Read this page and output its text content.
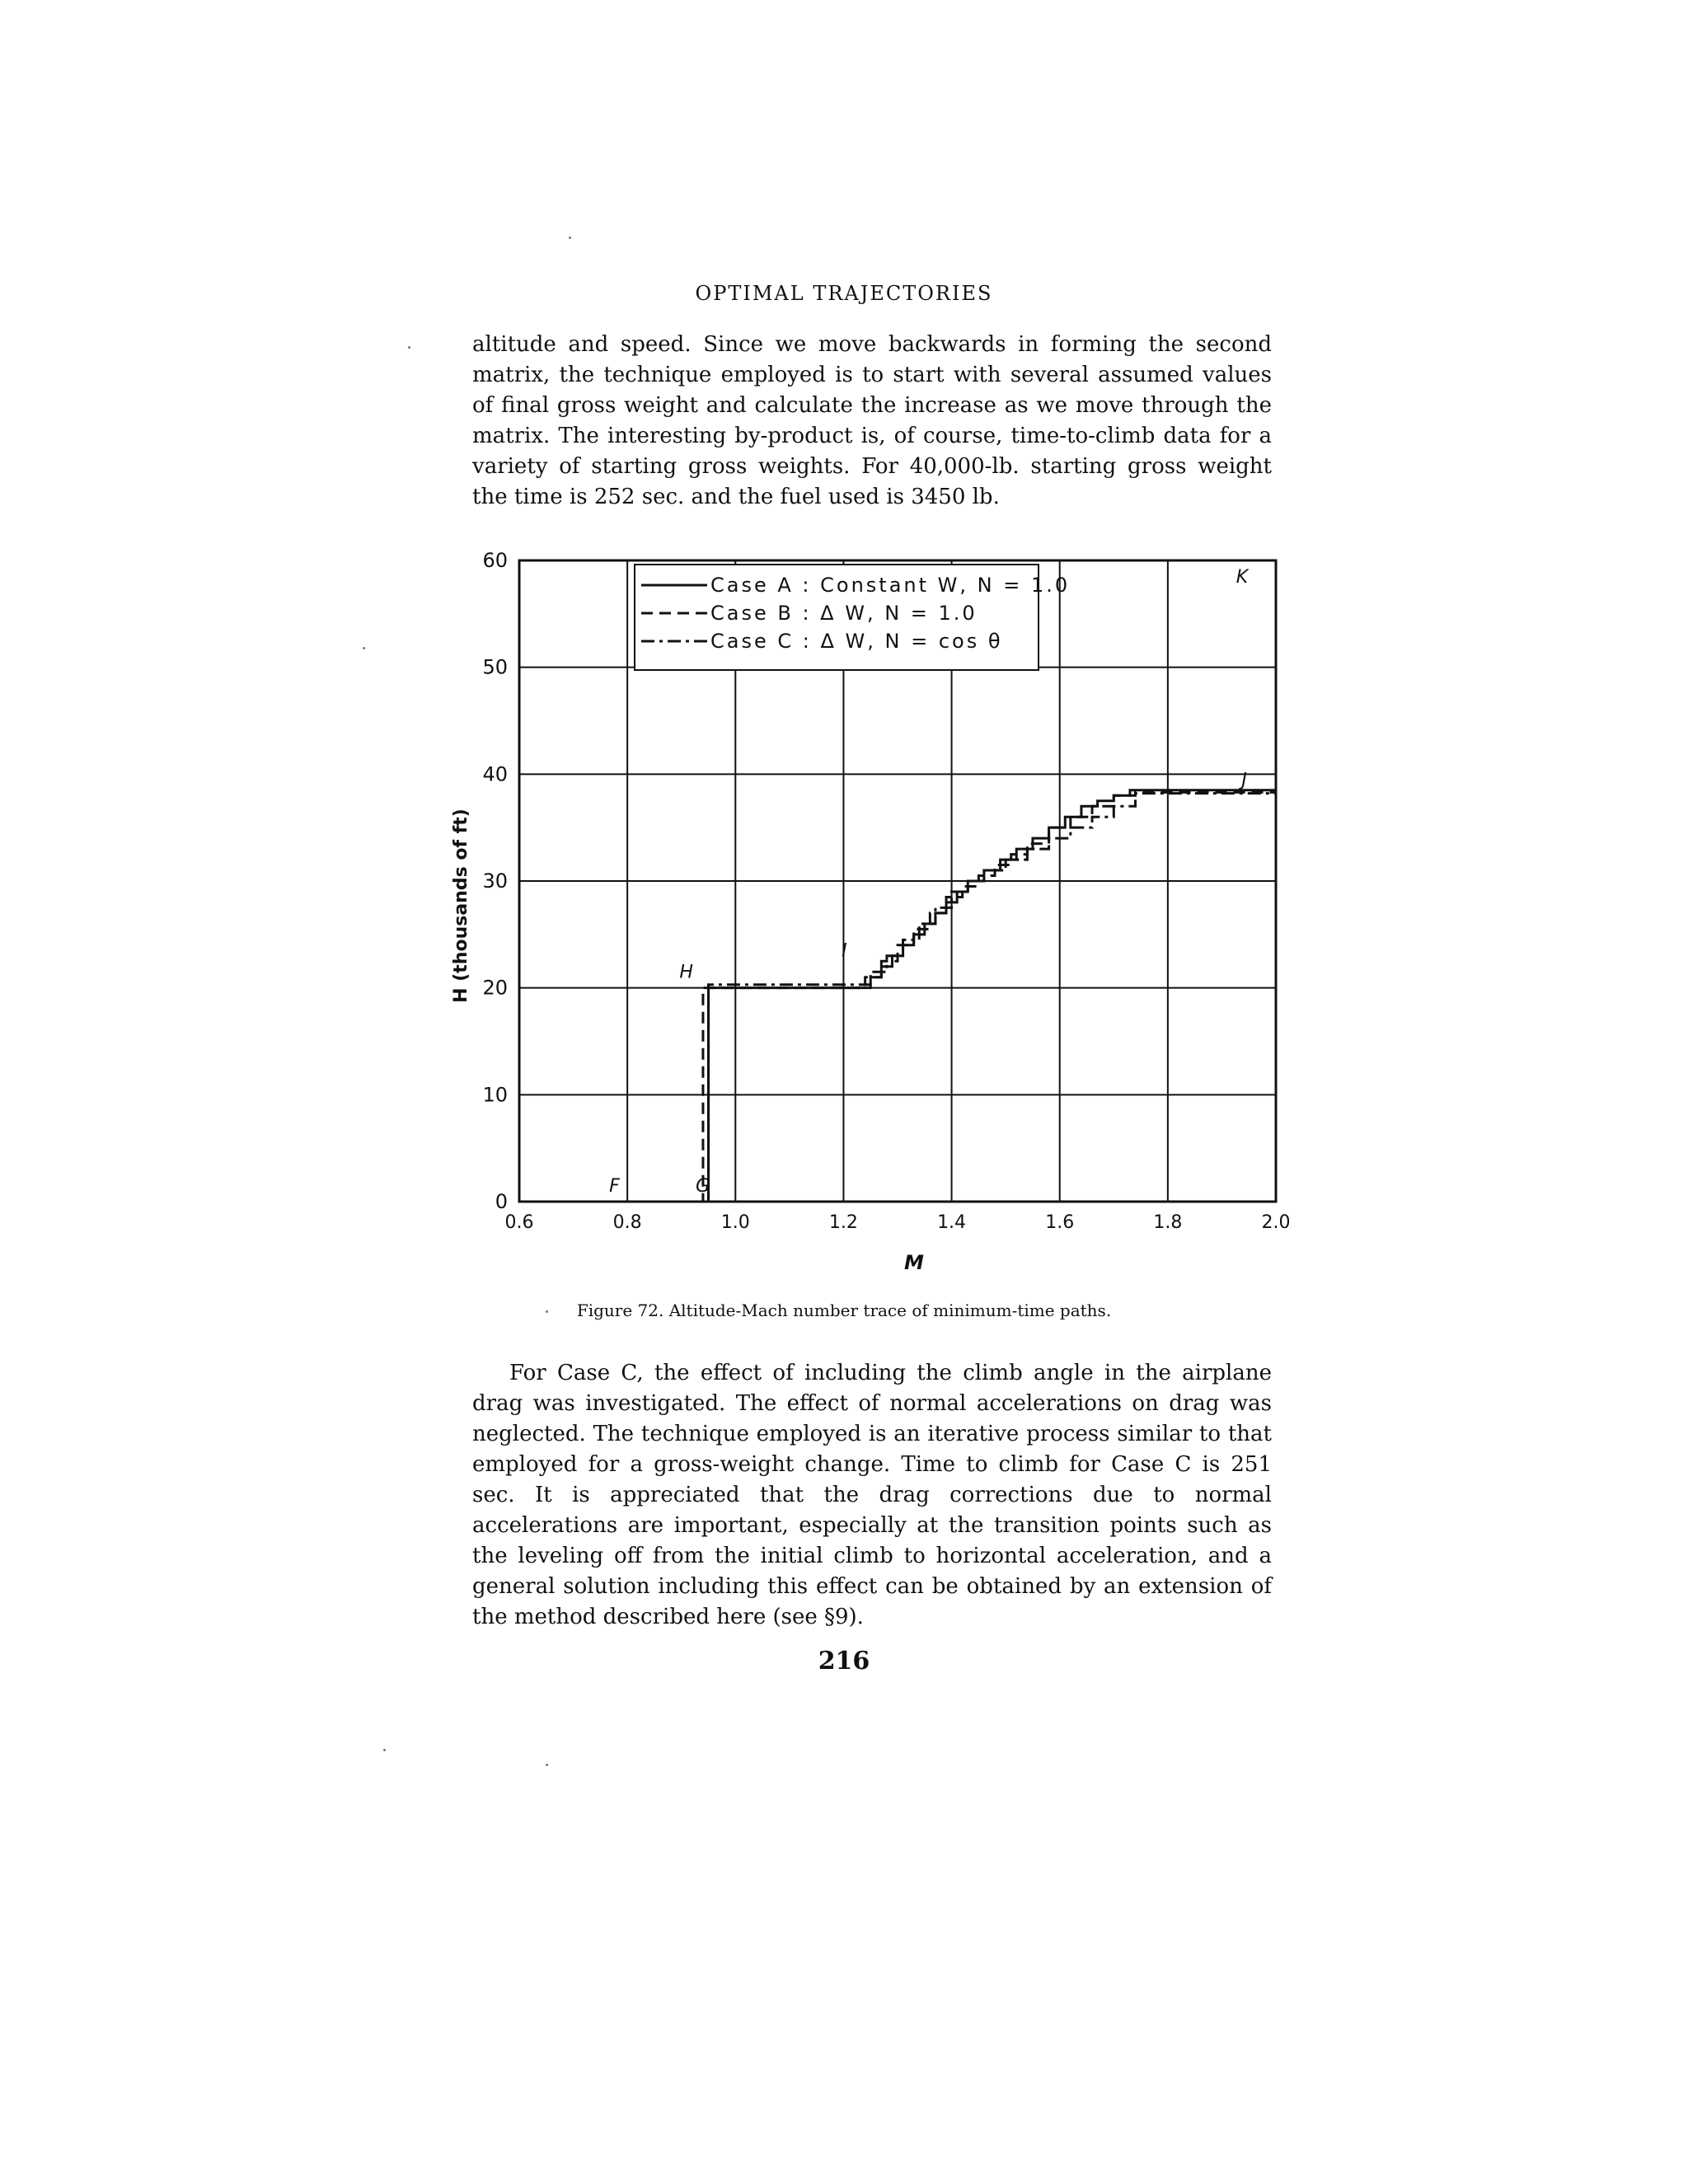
OPTIMAL TRAJECTORIES

altitude and speed. Since we move backwards in forming the second matrix, the technique employed is to start with several assumed values of final gross weight and calculate the increase as we move through the matrix. The interesting by-product is, of course, time-to-climb data for a variety of starting gross weights. For 40,000-lb. starting gross weight the time is 252 sec. and the fuel used is 3450 lb.

0.6	0.8	1.0	1.2	1.4	1.6	1.8	2.0
0
10
20
30
40
50
60
M
H (thousands of ft)
Case A : Constant W, N = 1.0
Case B : Δ W, N = 1.0
Case C : Δ W, N = cos θ
F	G
H
I
J
K
Figure 72. Altitude-Mach number trace of minimum-time paths.

For Case C, the effect of including the climb angle in the airplane drag was investigated. The effect of normal accelerations on drag was neglected. The technique employed is an iterative process similar to that employed for a gross-weight change. Time to climb for Case C is 251 sec. It is appreciated that the drag corrections due to normal accelerations are important, especially at the transition points such as the leveling off from the initial climb to horizontal acceleration, and a general solution including this effect can be obtained by an extension of the method described here (see §9).

216
